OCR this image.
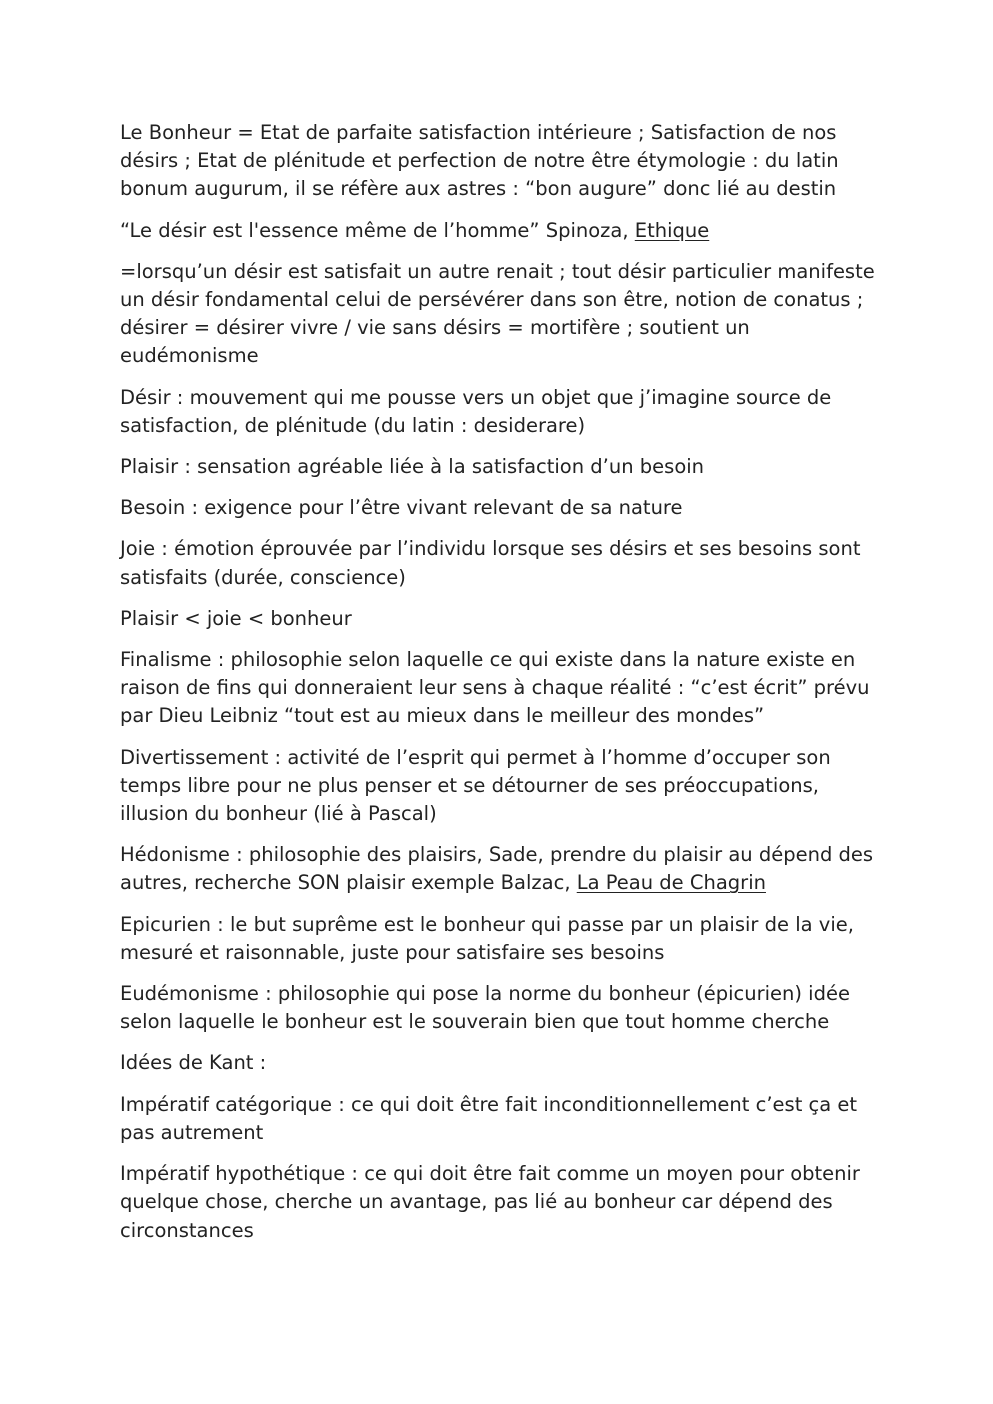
Le Bonheur = Etat de parfaite satisfaction intérieure ; Satisfaction de nos désirs ; Etat de plénitude et perfection de notre être étymologie : du latin bonum augurum, il se réfère aux astres : “bon augure” donc lié au destin

“Le désir est l'essence même de l’homme” Spinoza, Ethique

=lorsqu’un désir est satisfait un autre renait ; tout désir particulier manifeste un désir fondamental celui de persévérer dans son être, notion de conatus ; désirer = désirer vivre / vie sans désirs = mortifère ; soutient un eudémonisme

Désir : mouvement qui me pousse vers un objet que j’imagine source de satisfaction, de plénitude (du latin : desiderare)

Plaisir : sensation agréable liée à la satisfaction d’un besoin

Besoin : exigence pour l’être vivant relevant de sa nature

Joie : émotion éprouvée par l’individu lorsque ses désirs et ses besoins sont satisfaits (durée, conscience)

Plaisir < joie < bonheur

Finalisme : philosophie selon laquelle ce qui existe dans la nature existe en raison de fins qui donneraient leur sens à chaque réalité : “c’est écrit” prévu par Dieu Leibniz “tout est au mieux dans le meilleur des mondes”

Divertissement : activité de l’esprit qui permet à l’homme d’occuper son temps libre pour ne plus penser et se détourner de ses préoccupations, illusion du bonheur (lié à Pascal)

Hédonisme : philosophie des plaisirs, Sade, prendre du plaisir au dépend des autres, recherche SON plaisir exemple Balzac, La Peau de Chagrin

Epicurien : le but suprême est le bonheur qui passe par un plaisir de la vie, mesuré et raisonnable, juste pour satisfaire ses besoins

Eudémonisme : philosophie qui pose la norme du bonheur (épicurien) idée selon laquelle le bonheur est le souverain bien que tout homme cherche

Idées de Kant :

Impératif catégorique : ce qui doit être fait inconditionnellement c’est ça et pas autrement

Impératif hypothétique : ce qui doit être fait comme un moyen pour obtenir quelque chose, cherche un avantage, pas lié au bonheur car dépend des circonstances
